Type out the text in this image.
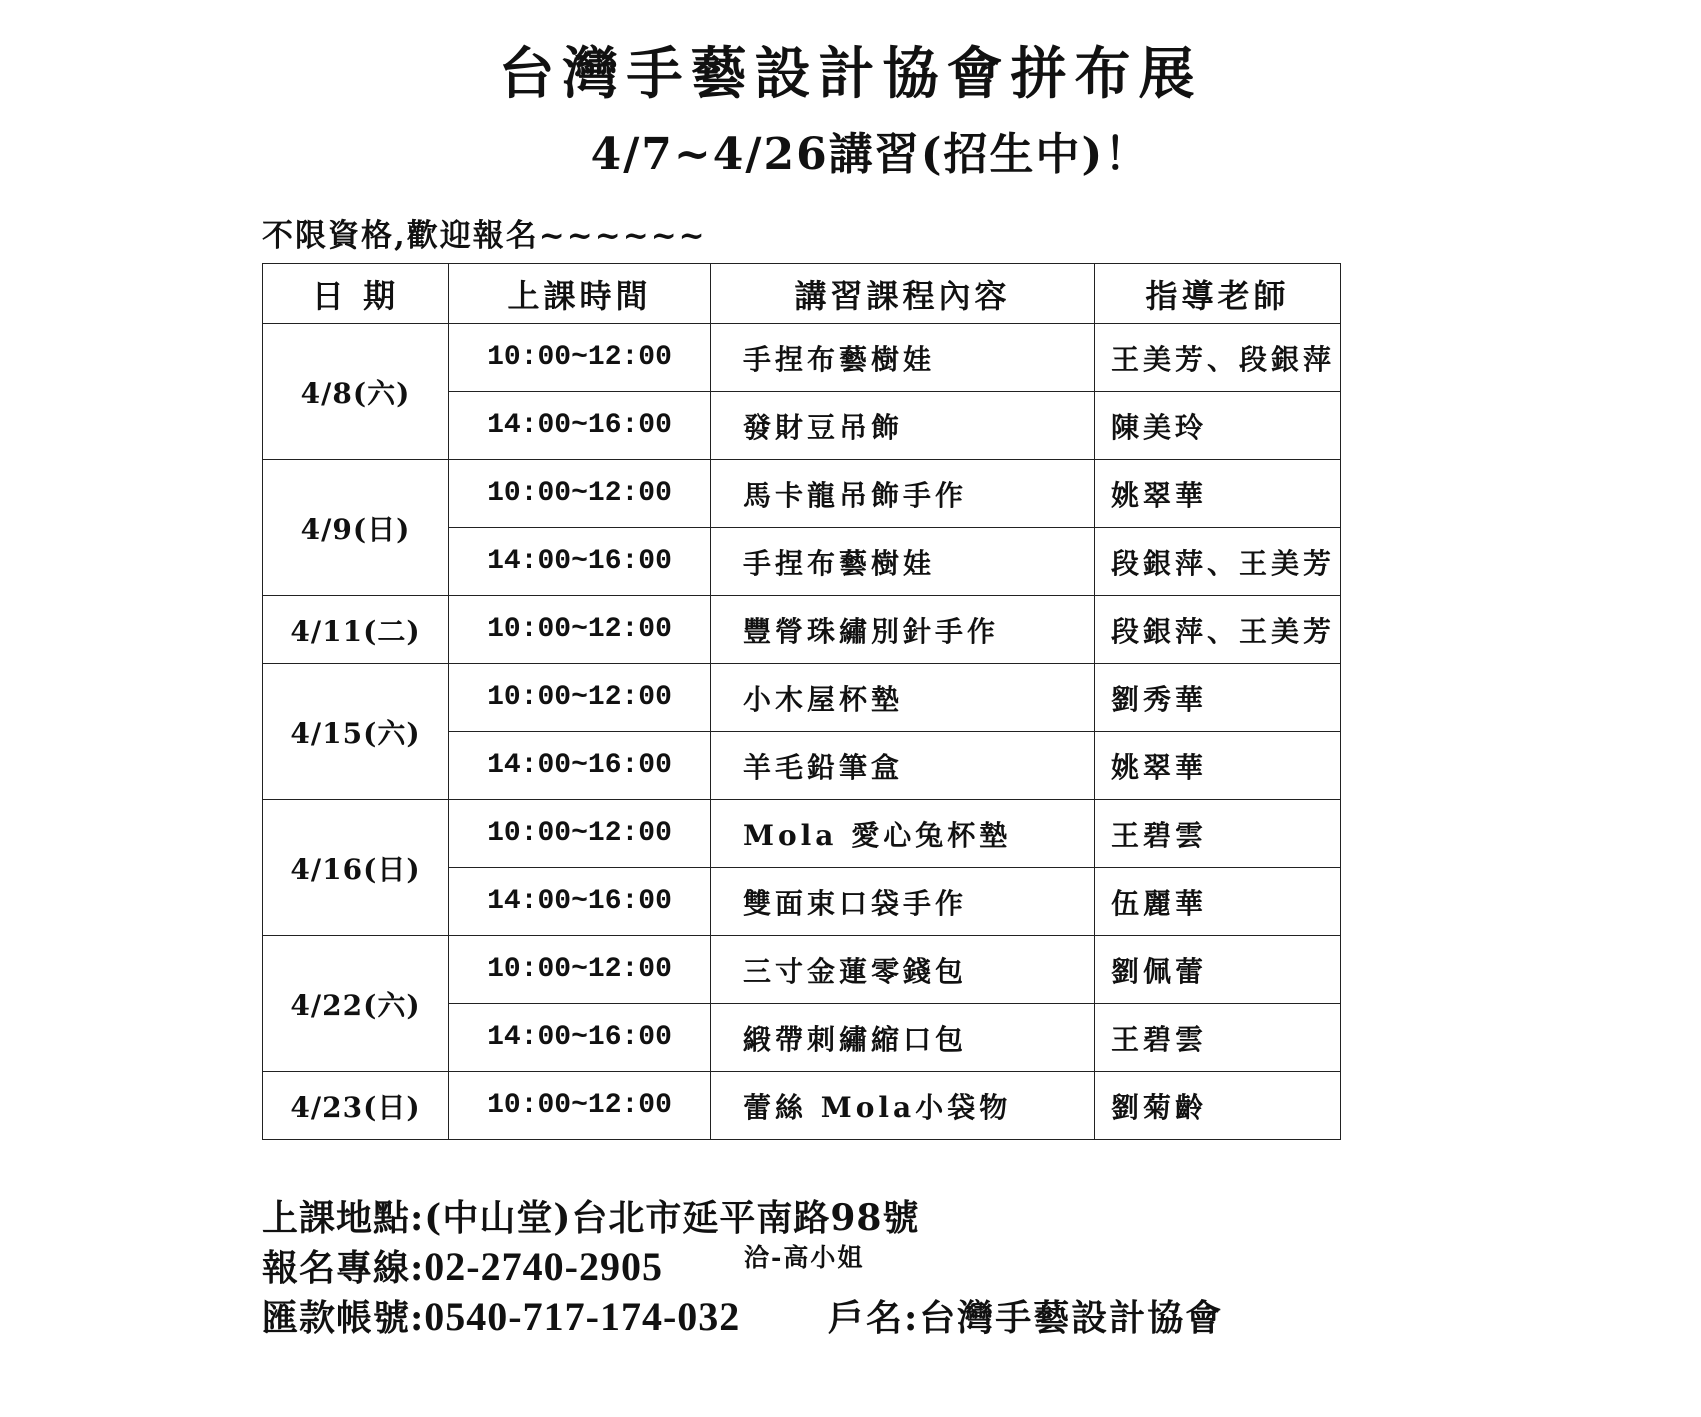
台灣手藝設計協會拼布展
4/7~4/26講習(招生中)！
不限資格,歡迎報名~~~~~~
日 期	上課時間	講習課程內容	指導老師
4/8(六)	10:00~12:00	手捏布藝樹娃	王美芳、段銀萍
	14:00~16:00	發財豆吊飾	陳美玲
4/9(日)	10:00~12:00	馬卡龍吊飾手作	姚翠華
	14:00~16:00	手捏布藝樹娃	段銀萍、王美芳
4/11(二)	10:00~12:00	豐膋珠繡別針手作	段銀萍、王美芳
4/15(六)	10:00~12:00	小木屋杯墊	劉秀華
	14:00~16:00	羊毛鉛筆盒	姚翠華
4/16(日)	10:00~12:00	Mola 愛心兔杯墊	王碧雲
	14:00~16:00	雙面束口袋手作	伍麗華
4/22(六)	10:00~12:00	三寸金蓮零錢包	劉佩蕾
	14:00~16:00	緞帶刺繡縮口包	王碧雲
4/23(日)	10:00~12:00	蕾絲 Mola小袋物	劉菊齡
上課地點:(中山堂)台北市延平南路98號
報名專線:02-2740-2905	洽-高小姐
匯款帳號:0540-717-174-032 戶名:台灣手藝設計協會
